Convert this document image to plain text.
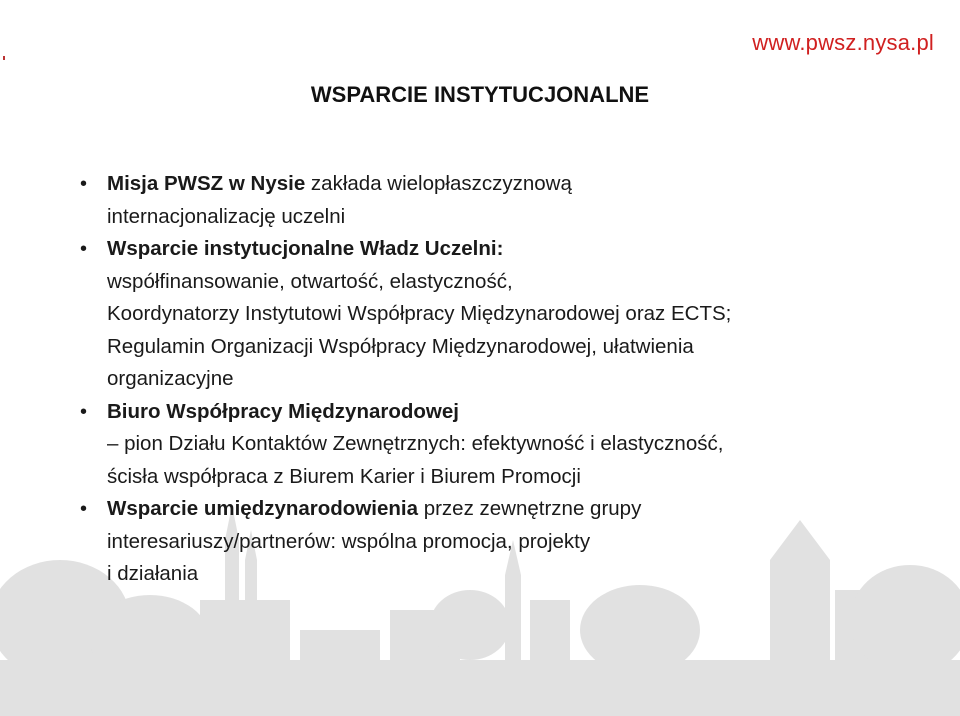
www.pwsz.nysa.pl
WSPARCIE INSTYTUCJONALNE
• Misja PWSZ w Nysie zakłada wielopłaszczyznową
internacjonalizację uczelni
• Wsparcie instytucjonalne Władz Uczelni:
współfinansowanie, otwartość, elastyczność,
Koordynatorzy Instytutowi Współpracy Międzynarodowej oraz ECTS;
Regulamin Organizacji Współpracy Międzynarodowej, ułatwienia
organizacyjne
• Biuro Współpracy Międzynarodowej
– pion Działu Kontaktów Zewnętrznych: efektywność i elastyczność,
ścisła współpraca z Biurem Karier i Biurem Promocji
• Wsparcie umiędzynarodowienia przez zewnętrzne grupy
interesariuszy/partnerów: wspólna promocja, projekty
i działania
